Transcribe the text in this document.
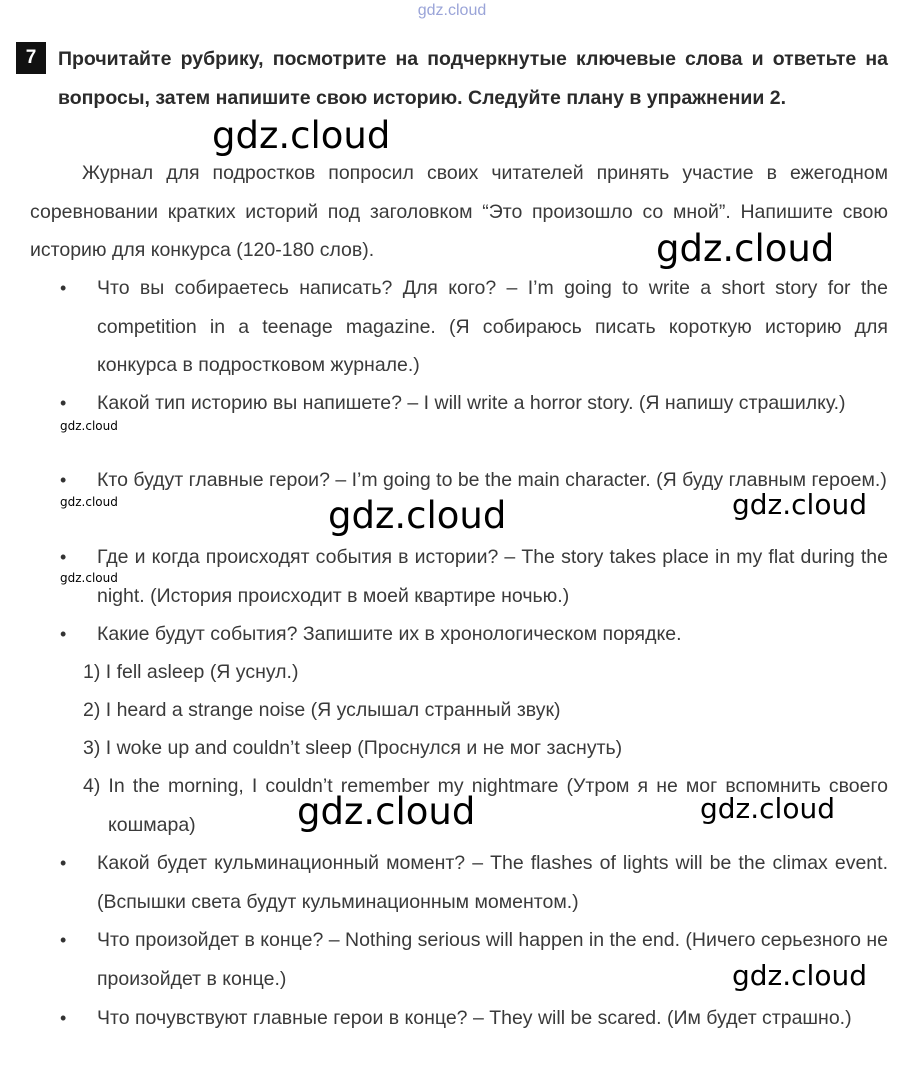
gdz.cloud
7	Прочитайте рубрику, посмотрите на подчеркнутые ключевые слова и ответьте на вопросы, затем напишите свою историю. Следуйте плану в упражнении 2.
Журнал для подростков попросил своих читателей принять участие в ежегодном соревновании кратких историй под заголовком “Это произошло со мной”. Напишите свою историю для конкурса (120-180 слов).
•	Что вы собираетесь написать? Для кого? – I’m going to write a short story for the competition in a teenage magazine. (Я собираюсь писать короткую историю для конкурса в подростковом журнале.)
•	Какой тип историю вы напишете? – I will write a horror story. (Я напишу страшилку.)
•	Кто будут главные герои? – I’m going to be the main character. (Я буду главным героем.)
•	Где и когда происходят события в истории? – The story takes place in my flat during the night. (История происходит в моей квартире ночью.)
•	Какие будут события? Запишите их в хронологическом порядке.
1) I fell asleep (Я уснул.)
2) I heard a strange noise (Я услышал странный звук)
3) I woke up and couldn’t sleep (Проснулся и не мог заснуть)
4) In the morning, I couldn’t remember my nightmare (Утром я не мог вспомнить своего кошмара)
•	Какой будет кульминационный момент? – The flashes of lights will be the climax event. (Вспышки света будут кульминационным моментом.)
•	Что произойдет в конце? – Nothing serious will happen in the end. (Ничего серьезного не произойдет в конце.)
•	Что почувствуют главные герои в конце? – They will be scared. (Им будет страшно.)
gdz.cloud
gdz.cloud
gdz.cloud
gdz.cloud	gdz.cloud	gdz.cloud
gdz.cloud
gdz.cloud	gdz.cloud
gdz.cloud
